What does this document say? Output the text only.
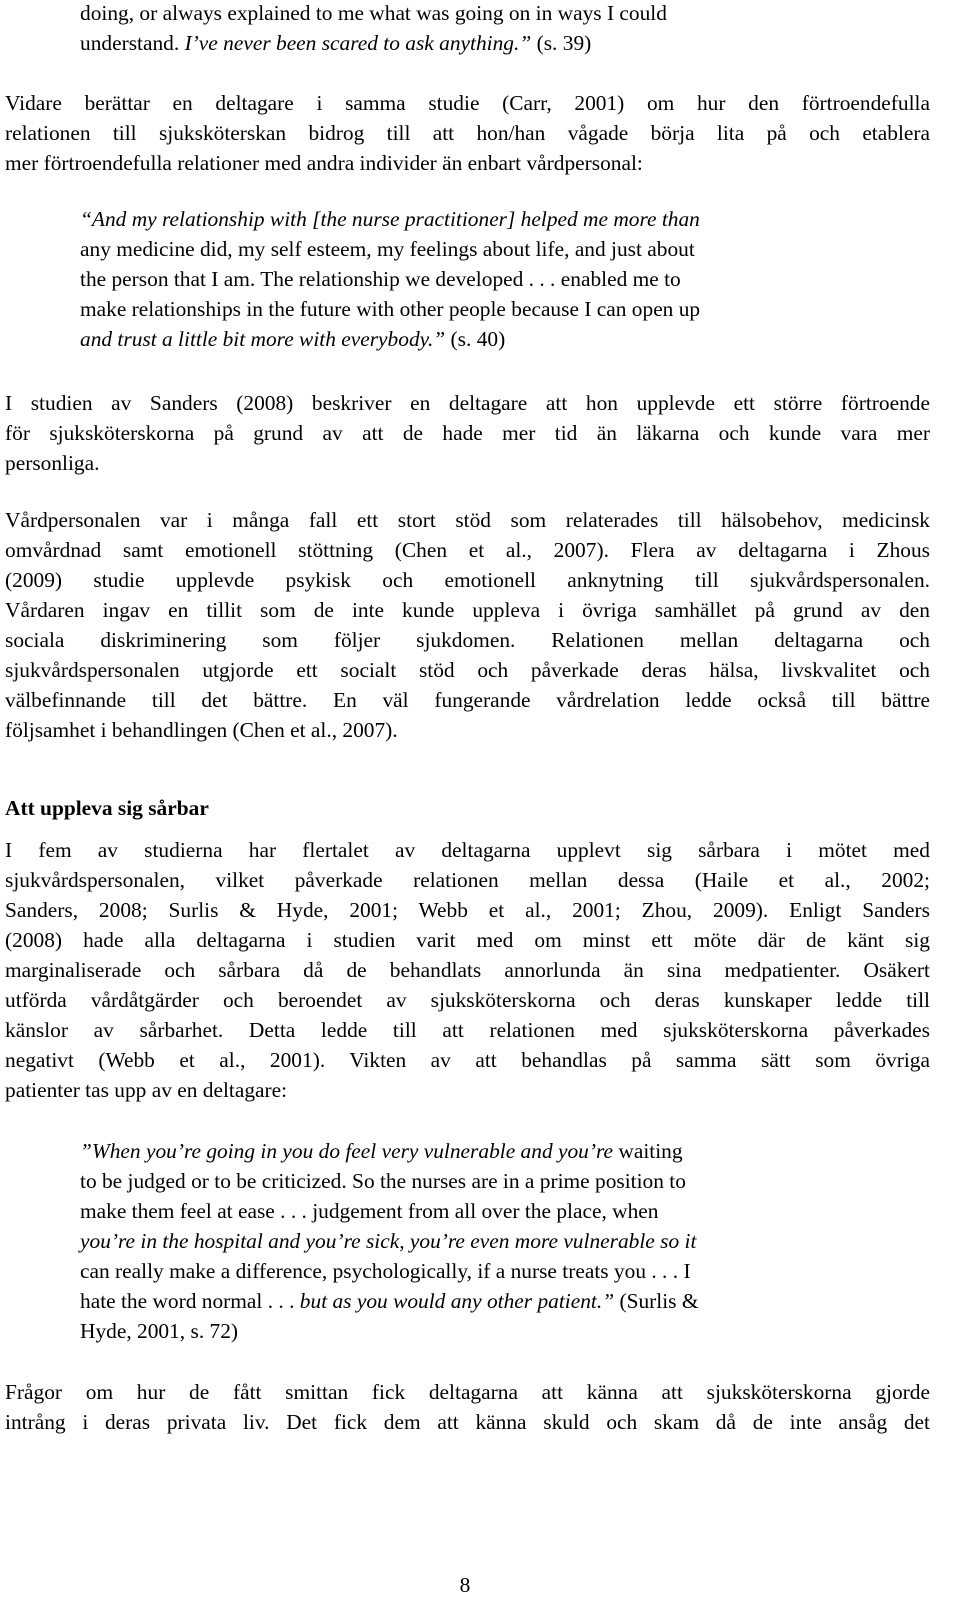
doing, or always explained to me what was going on in ways I could
understand. I’ve never been scared to ask anything.” (s. 39)
Vidare berättar en deltagare i samma studie (Carr, 2001) om hur den förtroendefulla
relationen till sjuksköterskan bidrog till att hon/han vågade börja lita på och etablera
mer förtroendefulla relationer med andra individer än enbart vårdpersonal:
“And my relationship with [the nurse practitioner] helped me more than
any medicine did, my self esteem, my feelings about life, and just about
the person that I am. The relationship we developed . . . enabled me to
make relationships in the future with other people because I can open up
and trust a little bit more with everybody.” (s. 40)
I studien av Sanders (2008) beskriver en deltagare att hon upplevde ett större förtroende
för sjuksköterskorna på grund av att de hade mer tid än läkarna och kunde vara mer
personliga.
Vårdpersonalen var i många fall ett stort stöd som relaterades till hälsobehov, medicinsk
omvårdnad samt emotionell stöttning (Chen et al., 2007). Flera av deltagarna i Zhous
(2009) studie upplevde psykisk och emotionell anknytning till sjukvårdspersonalen.
Vårdaren ingav en tillit som de inte kunde uppleva i övriga samhället på grund av den
sociala diskriminering som följer sjukdomen. Relationen mellan deltagarna och
sjukvårdspersonalen utgjorde ett socialt stöd och påverkade deras hälsa, livskvalitet och
välbefinnande till det bättre. En väl fungerande vårdrelation ledde också till bättre
följsamhet i behandlingen (Chen et al., 2007).
Att uppleva sig sårbar
I fem av studierna har flertalet av deltagarna upplevt sig sårbara i mötet med
sjukvårdspersonalen, vilket påverkade relationen mellan dessa (Haile et al., 2002;
Sanders, 2008; Surlis & Hyde, 2001; Webb et al., 2001; Zhou, 2009). Enligt Sanders
(2008) hade alla deltagarna i studien varit med om minst ett möte där de känt sig
marginaliserade och sårbara då de behandlats annorlunda än sina medpatienter. Osäkert
utförda vårdåtgärder och beroendet av sjuksköterskorna och deras kunskaper ledde till
känslor av sårbarhet. Detta ledde till att relationen med sjuksköterskorna påverkades
negativt (Webb et al., 2001). Vikten av att behandlas på samma sätt som övriga
patienter tas upp av en deltagare:
”When you’re going in you do feel very vulnerable and you’re waiting
to be judged or to be criticized. So the nurses are in a prime position to
make them feel at ease . . . judgement from all over the place, when
you’re in the hospital and you’re sick, you’re even more vulnerable so it
can really make a difference, psychologically, if a nurse treats you . . . I
hate the word normal . . . but as you would any other patient.” (Surlis &
Hyde, 2001, s. 72)
Frågor om hur de fått smittan fick deltagarna att känna att sjuksköterskorna gjorde
intrång i deras privata liv. Det fick dem att känna skuld och skam då de inte ansåg det
8
